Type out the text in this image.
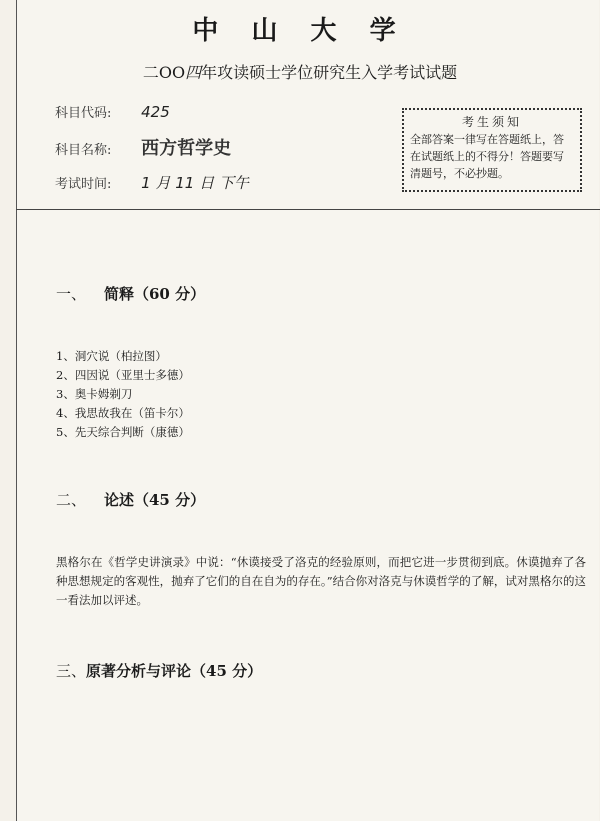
中 山 大 学
二OO四年攻读硕士学位研究生入学考试试题
科目代码: 425
科目名称: 西方哲学史
考试时间: 1 月 11 日 下午
考生须知
全部答案一律写在答题纸上，答在试题纸上的不得分！答题要写清题号，不必抄题。
一、 简释（60 分）
1、洞穴说（柏拉图）
2、四因说（亚里士多德）
3、奥卡姆剃刀
4、我思故我在（笛卡尔）
5、先天综合判断（康德）
二、 论述（45 分）
黑格尔在《哲学史讲演录》中说：“休谟接受了洛克的经验原则，而把它进一步贯彻到底。休谟抛弃了各种思想规定的客观性，抛弃了它们的自在自为的存在。”结合你对洛克与休谟哲学的了解，试对黑格尔的这一看法加以评述。
三、原著分析与评论（45 分）
